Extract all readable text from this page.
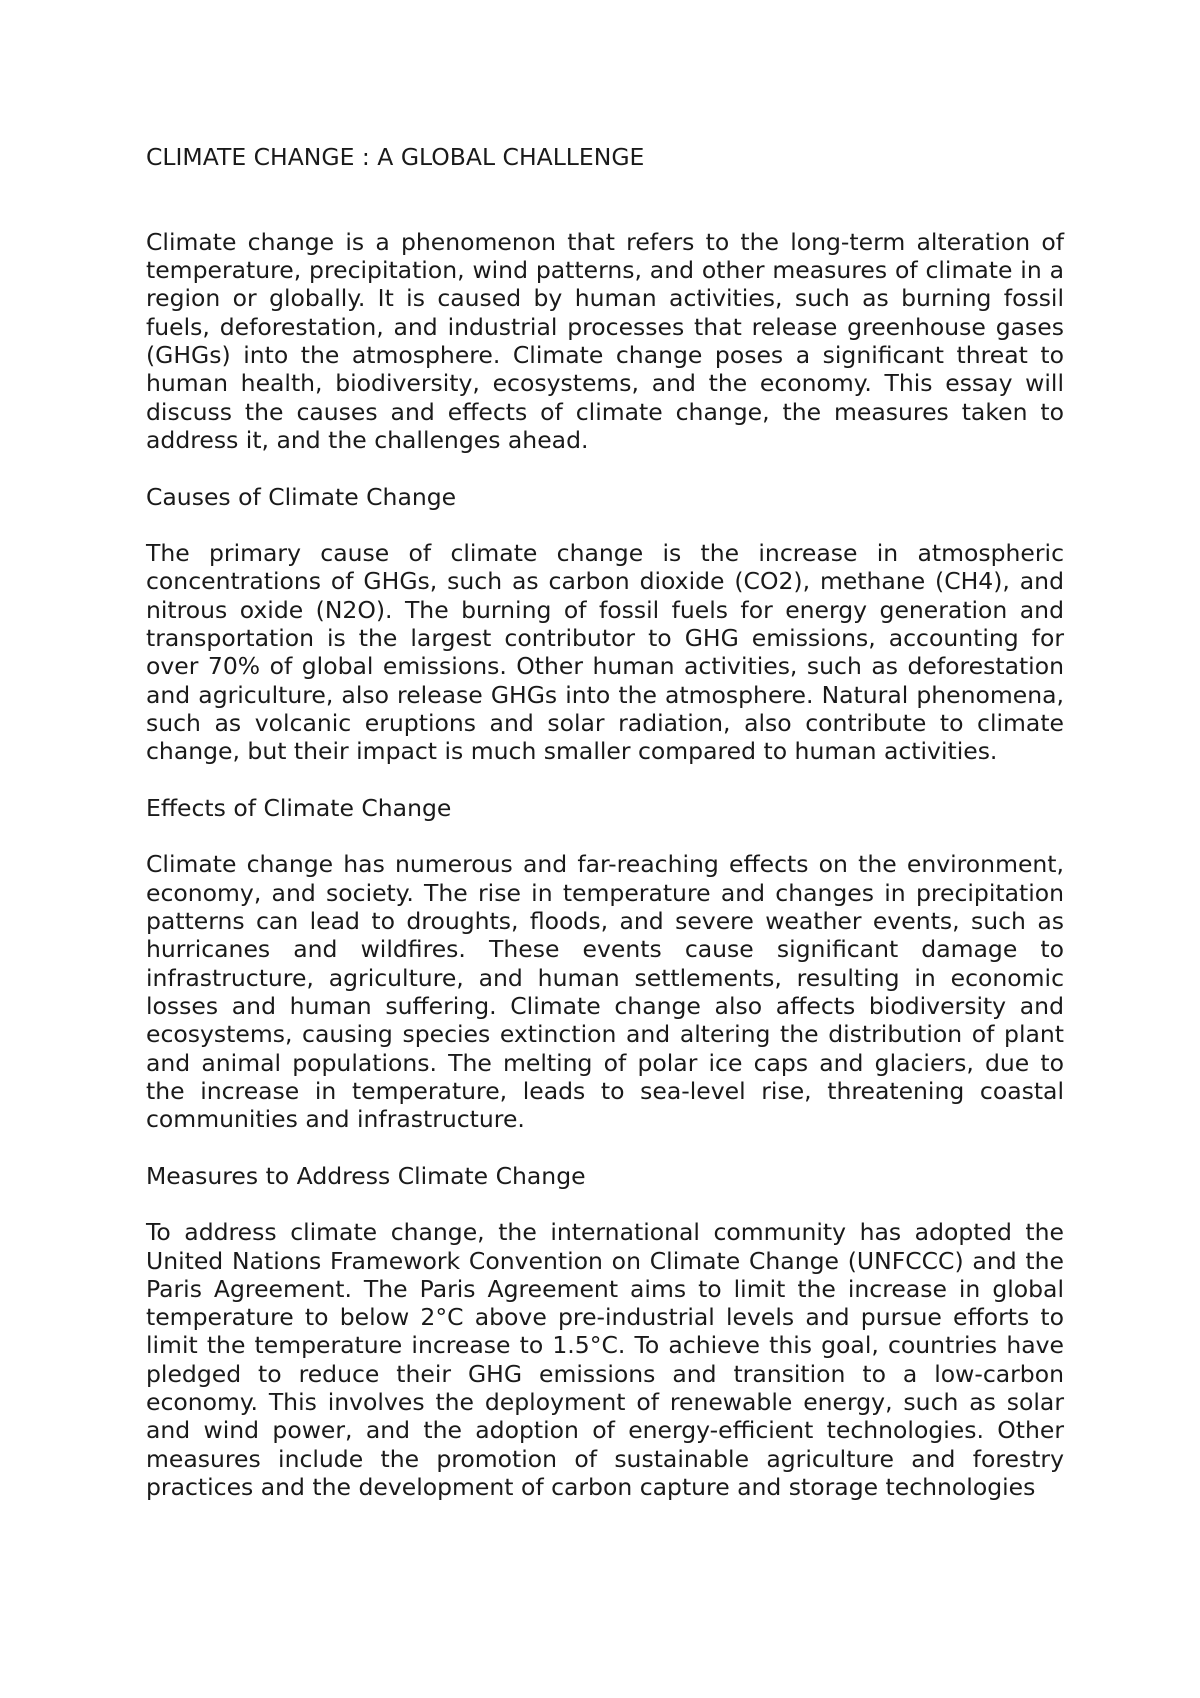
CLIMATE CHANGE : A GLOBAL CHALLENGE

Climate change is a phenomenon that refers to the long-term alteration of temperature, precipitation, wind patterns, and other measures of climate in a region or globally. It is caused by human activities, such as burning fossil fuels, deforestation, and industrial processes that release greenhouse gases (GHGs) into the atmosphere. Climate change poses a significant threat to human health, biodiversity, ecosystems, and the economy. This essay will discuss the causes and effects of climate change, the measures taken to address it, and the challenges ahead.

Causes of Climate Change

The primary cause of climate change is the increase in atmospheric concentrations of GHGs, such as carbon dioxide (CO2), methane (CH4), and nitrous oxide (N2O). The burning of fossil fuels for energy generation and transportation is the largest contributor to GHG emissions, accounting for over 70% of global emissions. Other human activities, such as deforestation and agriculture, also release GHGs into the atmosphere. Natural phenomena, such as volcanic eruptions and solar radiation, also contribute to climate change, but their impact is much smaller compared to human activities.

Effects of Climate Change

Climate change has numerous and far-reaching effects on the environment, economy, and society. The rise in temperature and changes in precipitation patterns can lead to droughts, floods, and severe weather events, such as hurricanes and wildfires. These events cause significant damage to infrastructure, agriculture, and human settlements, resulting in economic losses and human suffering. Climate change also affects biodiversity and ecosystems, causing species extinction and altering the distribution of plant and animal populations. The melting of polar ice caps and glaciers, due to the increase in temperature, leads to sea-level rise, threatening coastal communities and infrastructure.

Measures to Address Climate Change

To address climate change, the international community has adopted the United Nations Framework Convention on Climate Change (UNFCCC) and the Paris Agreement. The Paris Agreement aims to limit the increase in global temperature to below 2°C above pre-industrial levels and pursue efforts to limit the temperature increase to 1.5°C. To achieve this goal, countries have pledged to reduce their GHG emissions and transition to a low-carbon economy. This involves the deployment of renewable energy, such as solar and wind power, and the adoption of energy-efficient technologies. Other measures include the promotion of sustainable agriculture and forestry practices and the development of carbon capture and storage technologies
